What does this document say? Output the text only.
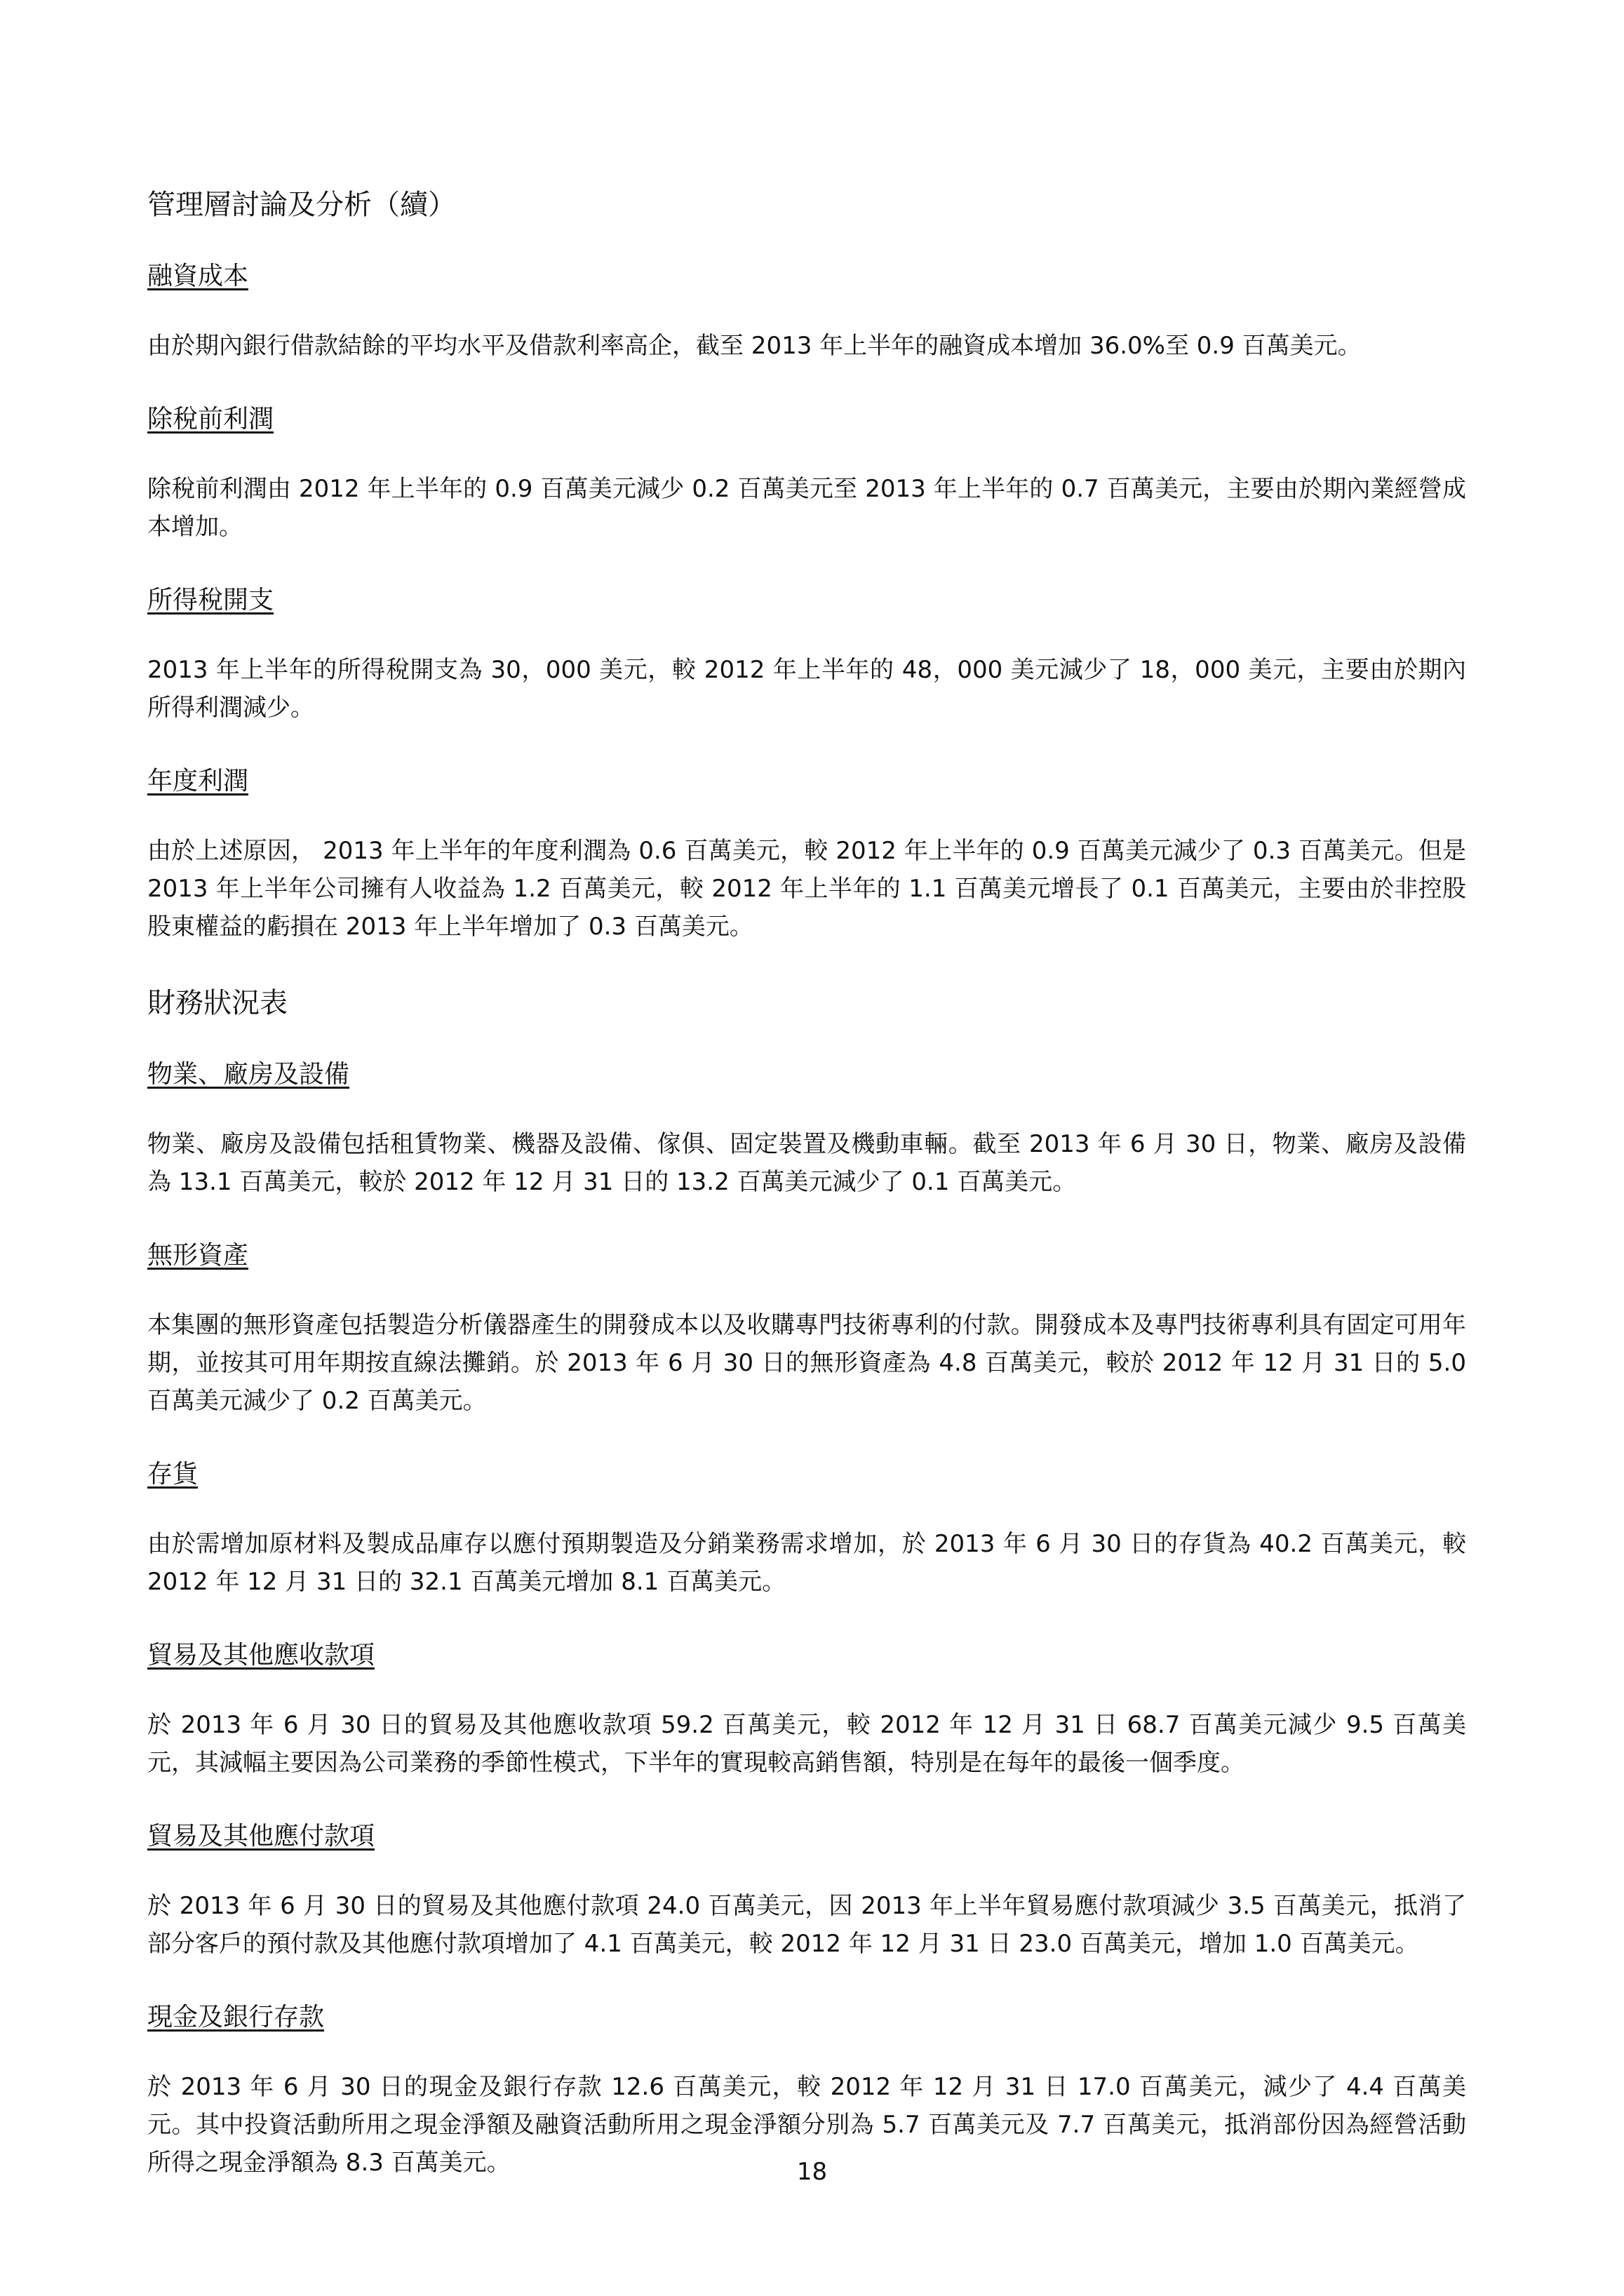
管理層討論及分析（續）
融資成本

由於期內銀行借款結餘的平均水平及借款利率高企，截至 2013 年上半年的融資成本增加 36.0%至 0.9 百萬美元。

除稅前利潤

除稅前利潤由 2012 年上半年的 0.9 百萬美元減少 0.2 百萬美元至 2013 年上半年的 0.7 百萬美元，主要由於期內業經營成本增加。

所得稅開支

2013 年上半年的所得稅開支為 30，000 美元，較 2012 年上半年的 48，000 美元減少了 18，000 美元，主要由於期內所得利潤減少。

年度利潤

由於上述原因， 2013 年上半年的年度利潤為 0.6 百萬美元，較 2012 年上半年的 0.9 百萬美元減少了 0.3 百萬美元。但是 2013 年上半年公司擁有人收益為 1.2 百萬美元，較 2012 年上半年的 1.1 百萬美元增長了 0.1 百萬美元，主要由於非控股股東權益的虧損在 2013 年上半年增加了 0.3 百萬美元。

財務狀況表
物業、廠房及設備

物業、廠房及設備包括租賃物業、機器及設備、傢俱、固定裝置及機動車輛。截至 2013 年 6 月 30 日，物業、廠房及設備為 13.1 百萬美元，較於 2012 年 12 月 31 日的 13.2 百萬美元減少了 0.1 百萬美元。

無形資產

本集團的無形資產包括製造分析儀器產生的開發成本以及收購專門技術專利的付款。開發成本及專門技術專利具有固定可用年期，並按其可用年期按直線法攤銷。於 2013 年 6 月 30 日的無形資產為 4.8 百萬美元，較於 2012 年 12 月 31 日的 5.0 百萬美元減少了 0.2 百萬美元。

存貨

由於需增加原材料及製成品庫存以應付預期製造及分銷業務需求增加，於 2013 年 6 月 30 日的存貨為 40.2 百萬美元，較 2012 年 12 月 31 日的 32.1 百萬美元增加 8.1 百萬美元。

貿易及其他應收款項

於 2013 年 6 月 30 日的貿易及其他應收款項 59.2 百萬美元，較 2012 年 12 月 31 日 68.7 百萬美元減少 9.5 百萬美元，其減幅主要因為公司業務的季節性模式，下半年的實現較高銷售額，特別是在每年的最後一個季度。

貿易及其他應付款項

於 2013 年 6 月 30 日的貿易及其他應付款項 24.0 百萬美元，因 2013 年上半年貿易應付款項減少 3.5 百萬美元，抵消了部分客戶的預付款及其他應付款項增加了 4.1 百萬美元，較 2012 年 12 月 31 日 23.0 百萬美元，增加 1.0 百萬美元。

現金及銀行存款

於 2013 年 6 月 30 日的現金及銀行存款 12.6 百萬美元，較 2012 年 12 月 31 日 17.0 百萬美元，減少了 4.4 百萬美元。其中投資活動所用之現金淨額及融資活動所用之現金淨額分別為 5.7 百萬美元及 7.7 百萬美元，抵消部份因為經營活動所得之現金淨額為 8.3 百萬美元。	18
